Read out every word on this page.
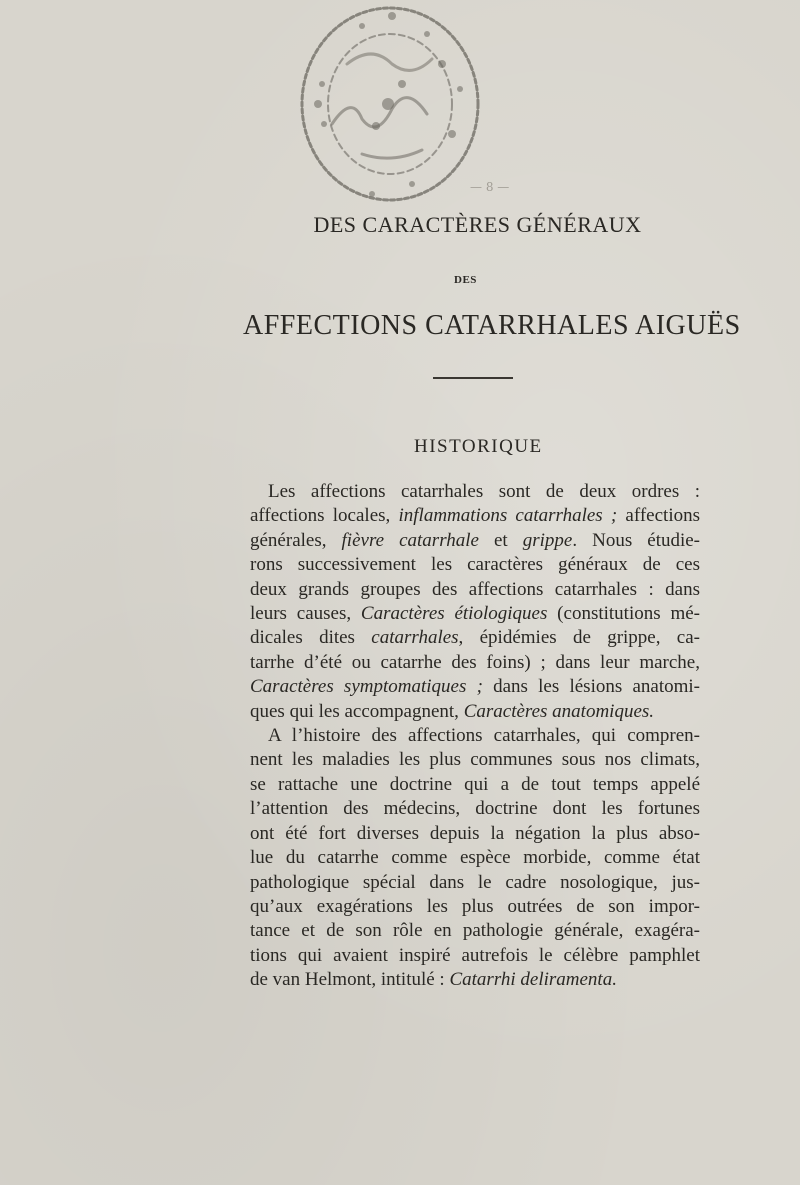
— 8 —
DES CARACTÈRES GÉNÉRAUX
DES
AFFECTIONS CATARRHALES AIGUËS
HISTORIQUE
Les affections catarrhales sont de deux ordres :
affections locales, inflammations catarrhales ; affections
générales, fièvre catarrhale et grippe. Nous étudie-
rons successivement les caractères généraux de ces
deux grands groupes des affections catarrhales : dans
leurs causes, Caractères étiologiques (constitutions mé-
dicales dites catarrhales, épidémies de grippe, ca-
tarrhe d’été ou catarrhe des foins) ; dans leur marche,
Caractères symptomatiques ; dans les lésions anatomi-
ques qui les accompagnent, Caractères anatomiques.
A l’histoire des affections catarrhales, qui compren-
nent les maladies les plus communes sous nos climats,
se rattache une doctrine qui a de tout temps appelé
l’attention des médecins, doctrine dont les fortunes
ont été fort diverses depuis la négation la plus abso-
lue du catarrhe comme espèce morbide, comme état
pathologique spécial dans le cadre nosologique, jus-
qu’aux exagérations les plus outrées de son impor-
tance et de son rôle en pathologie générale, exagéra-
tions qui avaient inspiré autrefois le célèbre pamphlet
de van Helmont, intitulé : Catarrhi deliramenta.
